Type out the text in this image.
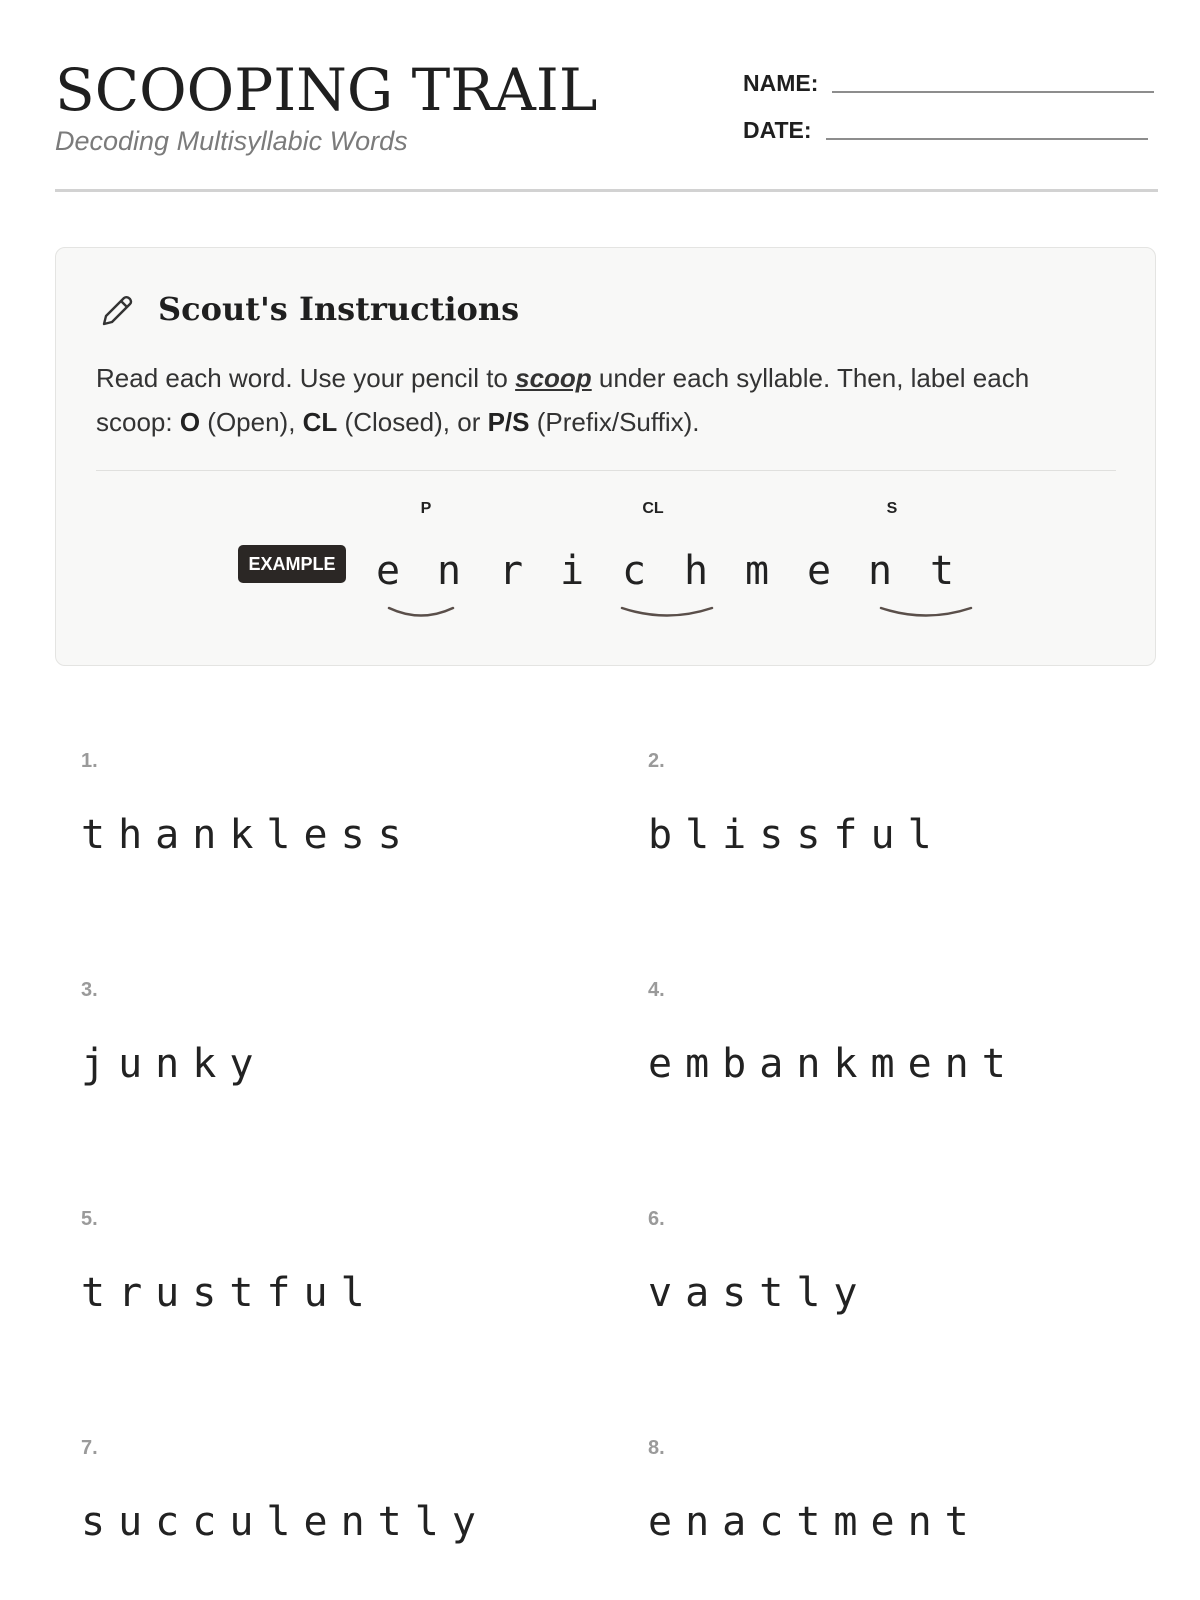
SCOOPING TRAIL
Decoding Multisyllabic Words
NAME:
DATE:
Scout's Instructions
Read each word. Use your pencil to scoop under each syllable. Then, label each scoop: O (Open), CL (Closed), or P/S (Prefix/Suffix).
EXAMPLE
P	CL	S
e n r i c h m e n t
1.
thankless
2.
blissful
3.
junky
4.
embankment
5.
trustful
6.
vastly
7.
succulently
8.
enactment
